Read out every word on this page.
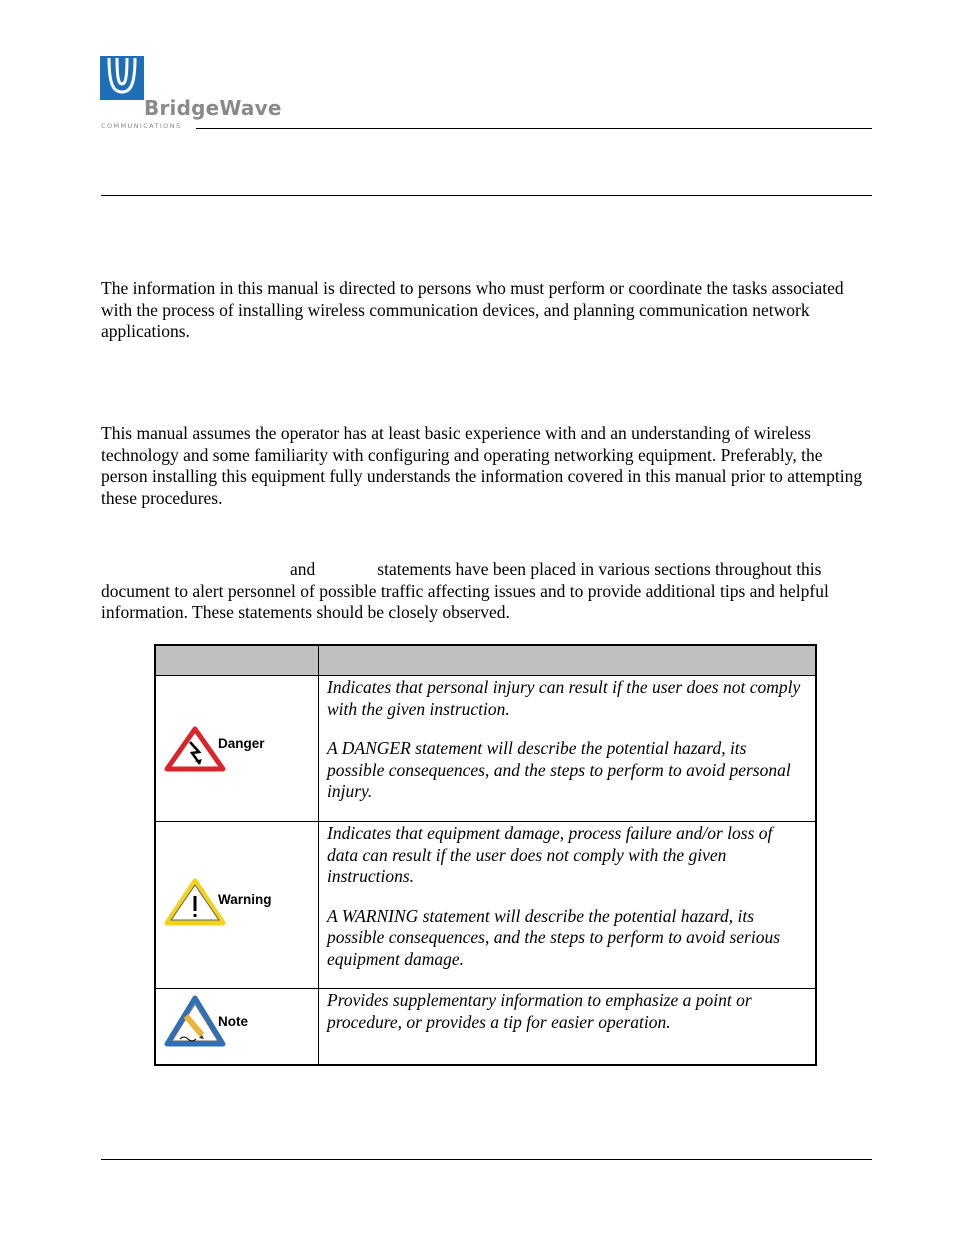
BridgeWave
COMMUNICATIONS

The information in this manual is directed to persons who must perform or coordinate the tasks associated with the process of installing wireless communication devices, and planning communication network applications.

This manual assumes the operator has at least basic experience with and an understanding of wireless technology and some familiarity with configuring and operating networking equipment. Preferably, the person installing this equipment fully understands the information covered in this manual prior to attempting these procedures.

and	statements have been placed in various sections throughout this document to alert personnel of possible traffic affecting issues and to provide additional tips and helpful information. These statements should be closely observed.

Danger	Indicates that personal injury can result if the user does not comply with the given instruction.

A DANGER statement will describe the potential hazard, its possible consequences, and the steps to perform to avoid personal injury.

Warning	Indicates that equipment damage, process failure and/or loss of data can result if the user does not comply with the given instructions.

A WARNING statement will describe the potential hazard, its possible consequences, and the steps to perform to avoid serious equipment damage.

Note	Provides supplementary information to emphasize a point or procedure, or provides a tip for easier operation.
